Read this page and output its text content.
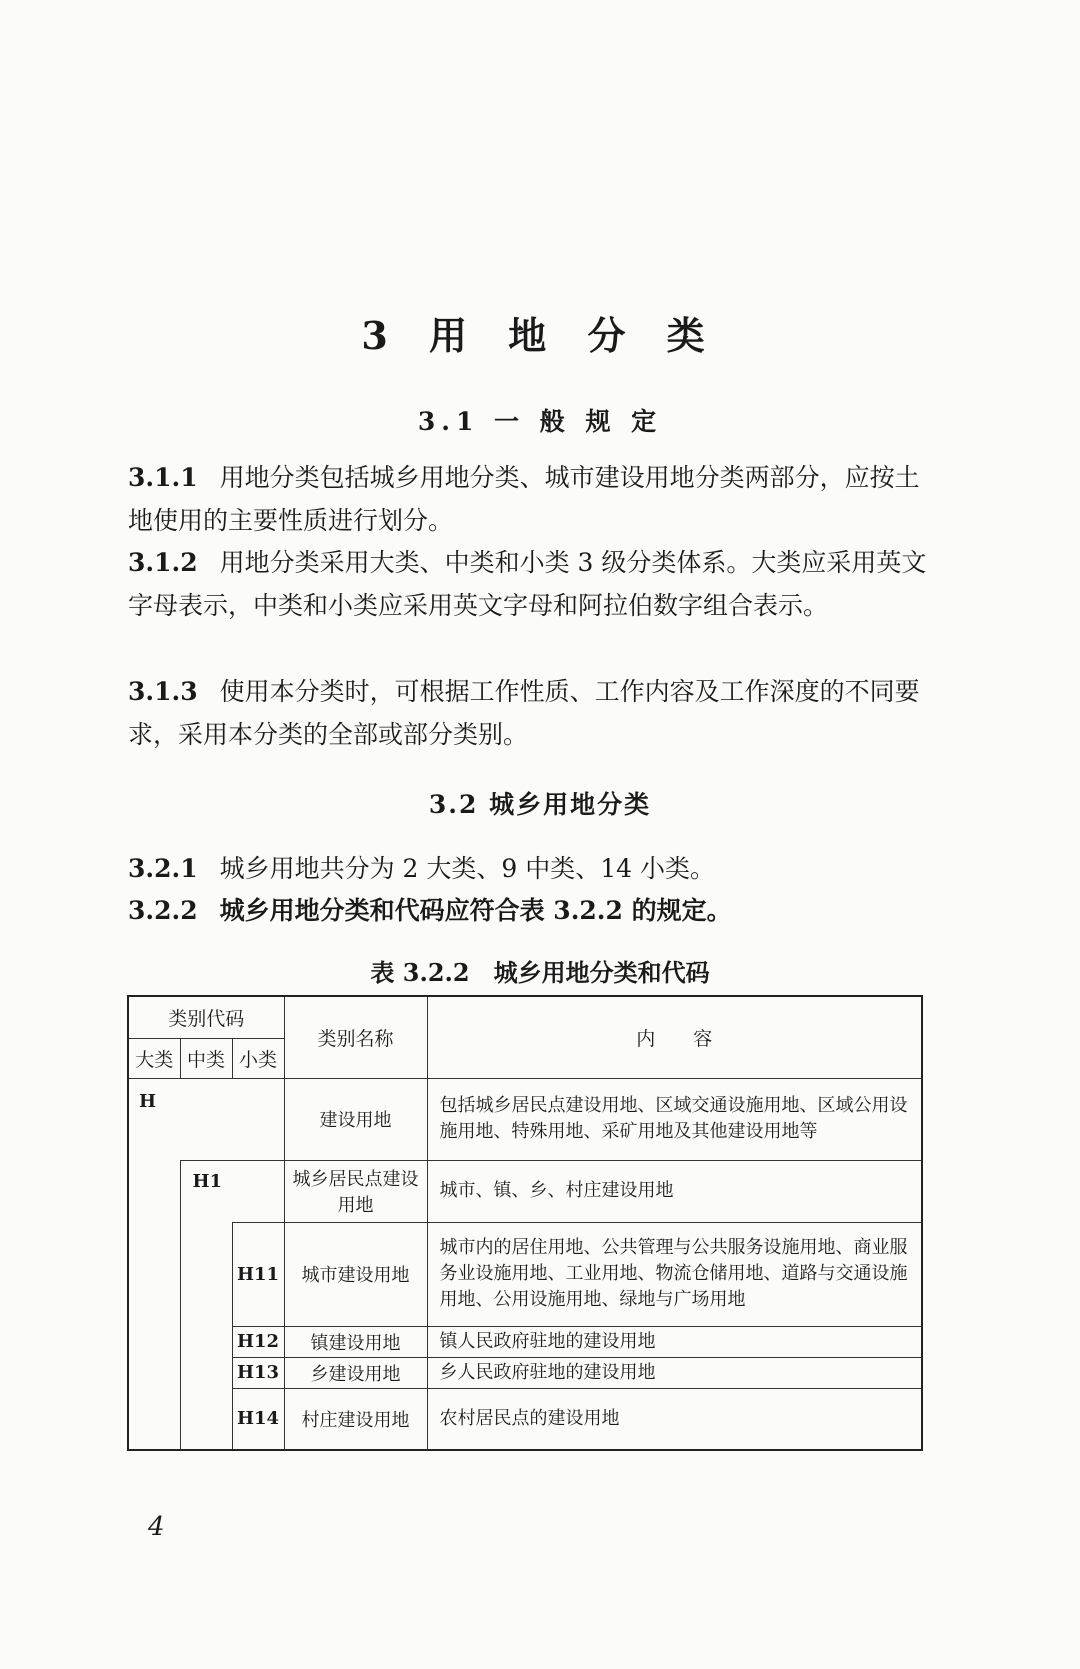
3 用 地 分 类
3.1 一 般 规 定
3.1.1 用地分类包括城乡用地分类、城市建设用地分类两部分，应按土地使用的主要性质进行划分。
3.1.2 用地分类采用大类、中类和小类 3 级分类体系。大类应采用英文字母表示，中类和小类应采用英文字母和阿拉伯数字组合表示。
3.1.3 使用本分类时，可根据工作性质、工作内容及工作深度的不同要求，采用本分类的全部或部分类别。
3.2 城乡用地分类
3.2.1 城乡用地共分为 2 大类、9 中类、14 小类。
3.2.2 城乡用地分类和代码应符合表 3.2.2 的规定。
表 3.2.2 城乡用地分类和代码
类别代码			类别名称	内　　容
大类	中类	小类		
H			建设用地	包括城乡居民点建设用地、区域交通设施用地、区域公用设施用地、特殊用地、采矿用地及其他建设用地等
	H1		城乡居民点建设用地	城市、镇、乡、村庄建设用地
		H11	城市建设用地	城市内的居住用地、公共管理与公共服务设施用地、商业服务业设施用地、工业用地、物流仓储用地、道路与交通设施用地、公用设施用地、绿地与广场用地
		H12	镇建设用地	镇人民政府驻地的建设用地
		H13	乡建设用地	乡人民政府驻地的建设用地
		H14	村庄建设用地	农村居民点的建设用地
4
